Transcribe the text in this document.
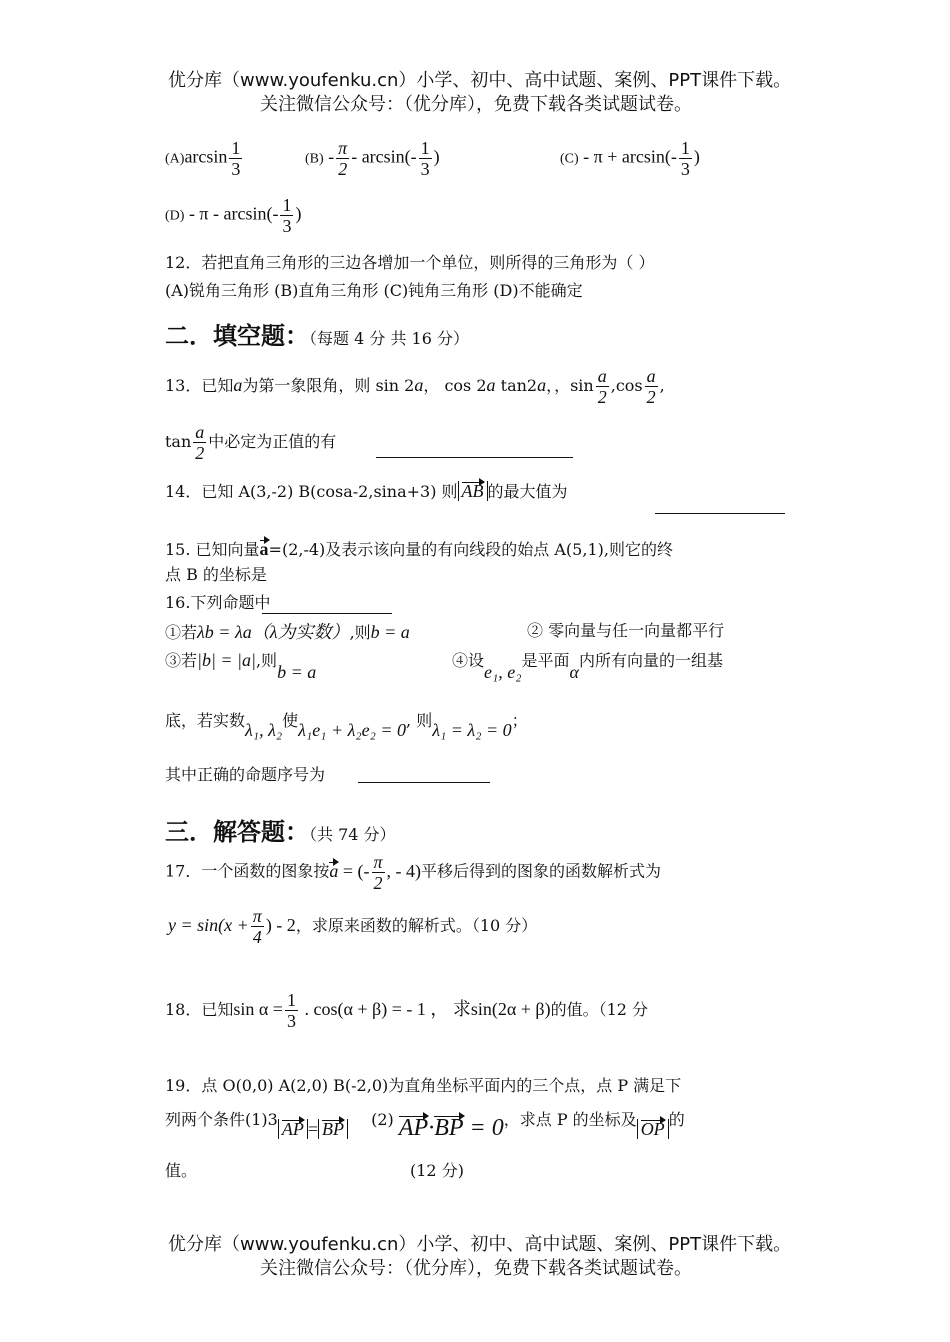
优分库（www.youfenku.cn）小学、初中、高中试题、案例、PPT课件下载。
关注微信公众号：（优分库），免费下载各类试题试卷。
$(A)\arcsin \frac{1}{3}$	$(B) - \frac{\pi}{2} - \arcsin(- \frac{1}{3}$ )	$(C) - \pi + \arcsin(- \frac{1}{3}$ )
(D) - π - $\arcsin(- \frac{1}{3}$ )
12．若把直角三角形的三边各增加一个单位，则所得的三角形为（ ）
(A)锐角三角形 (B)直角三角形 (C)钝角三角形 (D)不能确定
二．填空题：（每题 4 分 共 16 分）
13．已知a为第一象限角，则 sin 2a， cos 2a tan2a，，$\sin \frac{a}{2} ,\cos \frac{a}{2}$ ,
$\tan \frac{a}{2}$ 中必定为正值的有
14．已知 A(3,-2) B(cosa-2,sina+3) 则 AB 的最大值为
15. 已知向量a=(2,-4)及表示该向量的有向线段的始点 A(5,1),则它的终
点 B 的坐标是
16.下列命题中
①若λb = λa（λ为实数）,则b = a	② 零向量与任一向量都平行
③若|b| = |a|,则b = a
④设e₁, e₂是平面α内所有向量的一组基
底，若实数λ₁, λ₂使λ₁e₁ + λ₂e₂ = 0, 则λ₁ = λ₂ = 0；
其中正确的命题序号为
三．解答题：（共 74 分）
17．一个函数的图象按a = (- $\frac{\pi}{2}$ , - 4)平移后得到的图象的函数解析式为
$y = \sin(x + \frac{\pi}{4}$ ) - 2，求原来函数的解析式。（10 分）
18．已知$\sin \alpha = \frac{1}{3}$ . cos(α + β) = - 1 ， 求sin(2α + β)的值。（12 分
19．点 O(0,0) A(2,0) B(-2,0)为直角坐标平面内的三个点，点 P 满足下
列两个条件(1)3 AP = BP (2) AP·BP = 0，求点 P 的坐标及 OP 的
值。	(12 分)
优分库（www.youfenku.cn）小学、初中、高中试题、案例、PPT课件下载。
关注微信公众号：（优分库），免费下载各类试题试卷。
